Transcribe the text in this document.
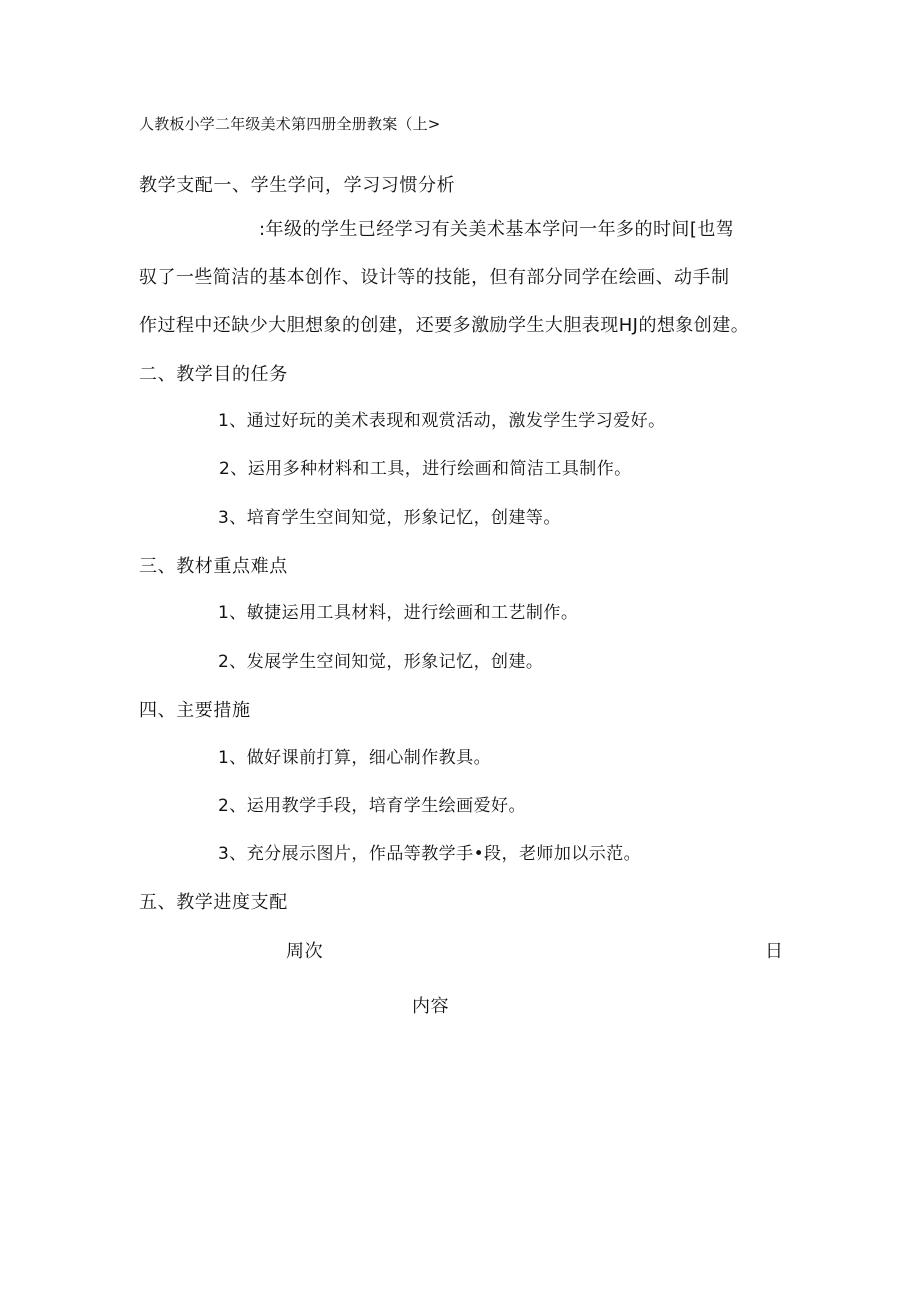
人教板小学二年级美术第四册全册教案（上>
教学支配一、学生学问，学习习惯分析
:年级的学生已经学习有关美术基本学问一年多的时间[也驾
驭了一些简洁的基本创作、设计等的技能，但有部分同学在绘画、动手制
作过程中还缺少大胆想象的创建，还要多激励学生大胆表现HJ的想象创建。
二、教学目的任务
1、通过好玩的美术表现和观赏活动，激发学生学习爱好。
2、运用多种材料和工具，进行绘画和简洁工具制作。
3、培育学生空间知觉，形象记忆，创建等。
三、教材重点难点
1、敏捷运用工具材料，进行绘画和工艺制作。
2、发展学生空间知觉，形象记忆，创建。
四、主要措施
1、做好课前打算，细心制作教具。
2、运用教学手段，培育学生绘画爱好。
3、充分展示图片，作品等教学手•段，老师加以示范。
五、教学进度支配
周次	日
内容
